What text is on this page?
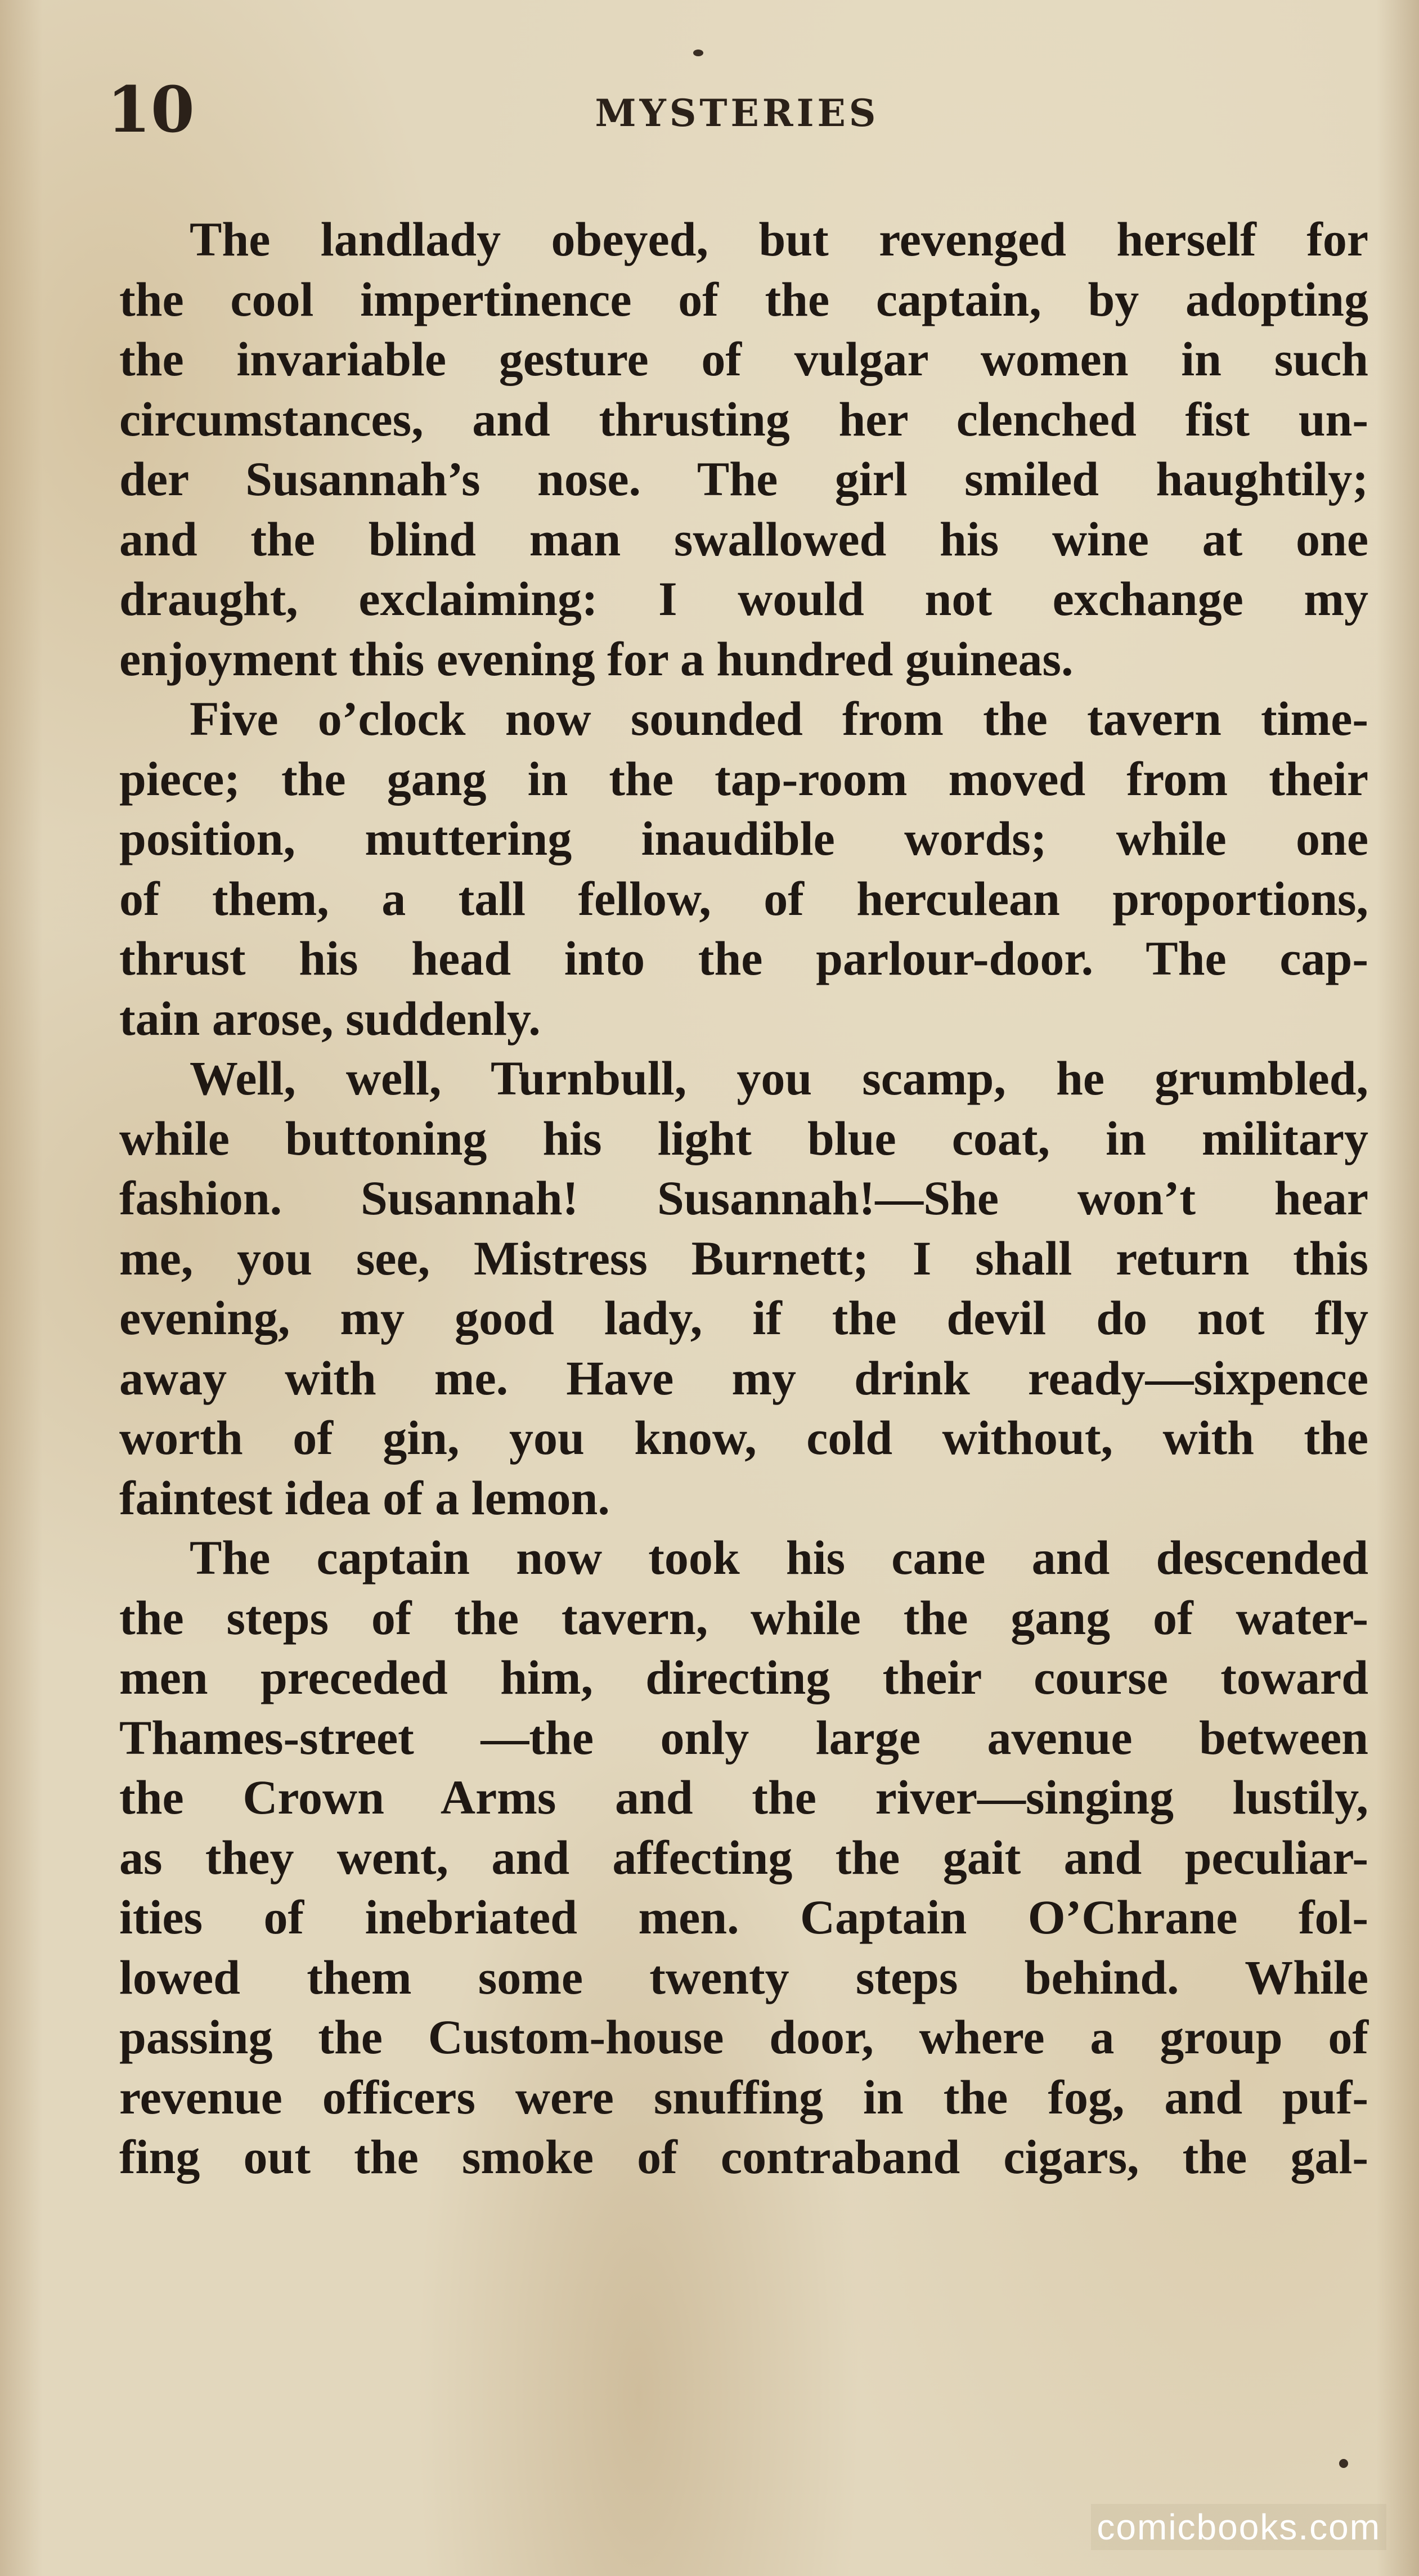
10	MYSTERIES
The landlady obeyed, but revenged herself for
the cool impertinence of the captain, by adopting
the invariable gesture of vulgar women in such
circumstances, and thrusting her clenched fist un-
der Susannah’s nose. The girl smiled haughtily;
and the blind man swallowed his wine at one
draught, exclaiming: I would not exchange my
enjoyment this evening for a hundred guineas.
Five o’clock now sounded from the tavern time-
piece; the gang in the tap-room moved from their
position, muttering inaudible words; while one
of them, a tall fellow, of herculean proportions,
thrust his head into the parlour-door. The cap-
tain arose, suddenly.
Well, well, Turnbull, you scamp, he grumbled,
while buttoning his light blue coat, in military
fashion. Susannah! Susannah!—She won’t hear
me, you see, Mistress Burnett; I shall return this
evening, my good lady, if the devil do not fly
away with me. Have my drink ready—sixpence
worth of gin, you know, cold without, with the
faintest idea of a lemon.
The captain now took his cane and descended
the steps of the tavern, while the gang of water-
men preceded him, directing their course toward
Thames-street —the only large avenue between
the Crown Arms and the river—singing lustily,
as they went, and affecting the gait and peculiar-
ities of inebriated men. Captain O’Chrane fol-
lowed them some twenty steps behind. While
passing the Custom-house door, where a group of
revenue officers were snuffing in the fog, and puf-
fing out the smoke of contraband cigars, the gal-
comicbooks.com
